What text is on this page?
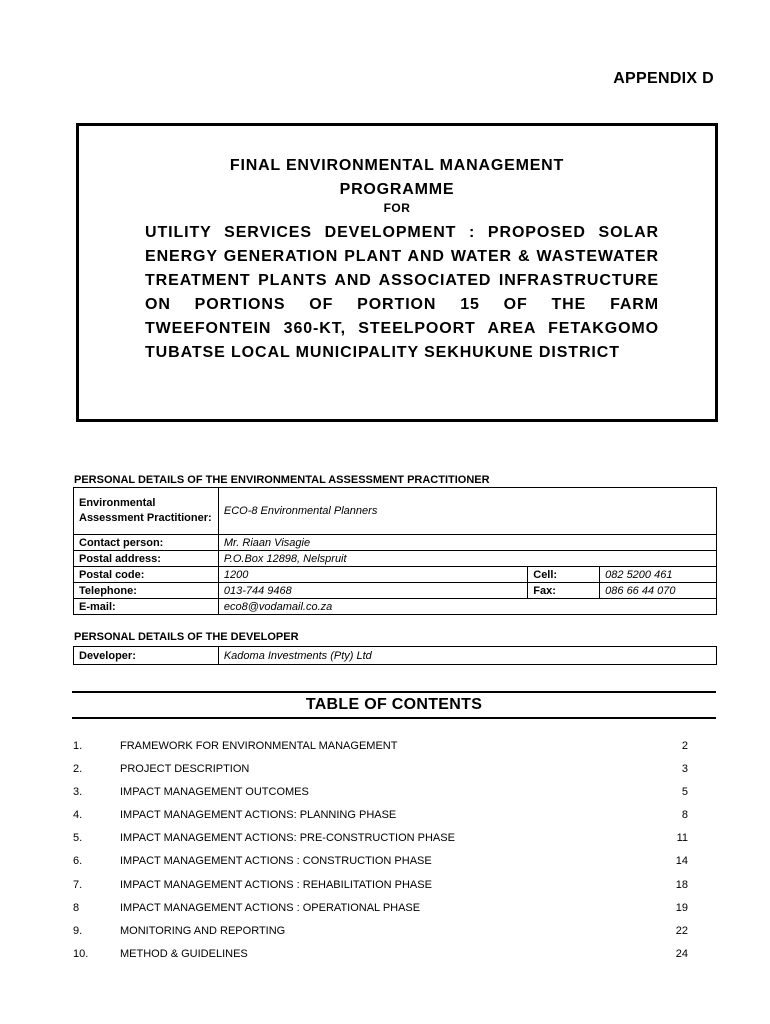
APPENDIX D
FINAL ENVIRONMENTAL MANAGEMENT
PROGRAMME
FOR
UTILITY SERVICES DEVELOPMENT : PROPOSED SOLAR ENERGY GENERATION PLANT AND WATER & WASTEWATER TREATMENT PLANTS AND ASSOCIATED INFRASTRUCTURE ON PORTIONS OF PORTION 15 OF THE FARM TWEEFONTEIN 360-KT, STEELPOORT AREA FETAKGOMO TUBATSE LOCAL MUNICIPALITY SEKHUKUNE DISTRICT
PERSONAL DETAILS OF THE ENVIRONMENTAL ASSESSMENT PRACTITIONER
Environmental Assessment Practitioner:	ECO-8 Environmental Planners		
Contact person:	Mr. Riaan Visagie		
Postal address:	P.O.Box 12898, Nelspruit		
Postal code:	1200	Cell:	082 5200 461
Telephone:	013-744 9468	Fax:	086 66 44 070
E-mail:	eco8@vodamail.co.za		
PERSONAL DETAILS OF THE DEVELOPER
Developer:	Kadoma Investments (Pty) Ltd
TABLE OF CONTENTS
1.	FRAMEWORK FOR ENVIRONMENTAL MANAGEMENT	2
2.	PROJECT DESCRIPTION	3
3.	IMPACT MANAGEMENT OUTCOMES	5
4.	IMPACT MANAGEMENT ACTIONS: PLANNING PHASE	8
5.	IMPACT MANAGEMENT ACTIONS: PRE-CONSTRUCTION PHASE	11
6.	IMPACT MANAGEMENT ACTIONS : CONSTRUCTION PHASE	14
7.	IMPACT MANAGEMENT ACTIONS : REHABILITATION PHASE	18
8	IMPACT MANAGEMENT ACTIONS : OPERATIONAL PHASE	19
9.	MONITORING AND REPORTING	22
10.	METHOD & GUIDELINES	24
